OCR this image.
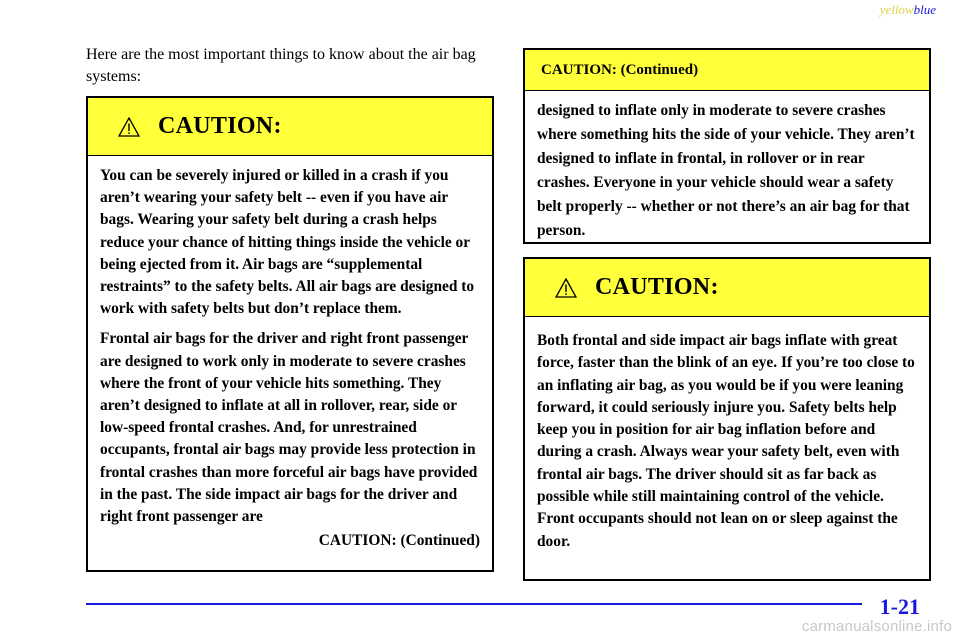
yellowblue
Here are the most important things to know about the air bag systems:
CAUTION:

You can be severely injured or killed in a crash if you aren’t wearing your safety belt -- even if you have air bags. Wearing your safety belt during a crash helps reduce your chance of hitting things inside the vehicle or being ejected from it. Air bags are “supplemental restraints” to the safety belts. All air bags are designed to work with safety belts but don’t replace them.

Frontal air bags for the driver and right front passenger are designed to work only in moderate to severe crashes where the front of your vehicle hits something. They aren’t designed to inflate at all in rollover, rear, side or low-speed frontal crashes. And, for unrestrained occupants, frontal air bags may provide less protection in frontal crashes than more forceful air bags have provided in the past. The side impact air bags for the driver and right front passenger are

CAUTION: (Continued)
CAUTION: (Continued)
designed to inflate only in moderate to severe crashes where something hits the side of your vehicle. They aren’t designed to inflate in frontal, in rollover or in rear crashes. Everyone in your vehicle should wear a safety belt properly -- whether or not there’s an air bag for that person.
CAUTION:
Both frontal and side impact air bags inflate with great force, faster than the blink of an eye. If you’re too close to an inflating air bag, as you would be if you were leaning forward, it could seriously injure you. Safety belts help keep you in position for air bag inflation before and during a crash. Always wear your safety belt, even with frontal air bags. The driver should sit as far back as possible while still maintaining control of the vehicle. Front occupants should not lean on or sleep against the door.
1-21
carmanualsonline.info
